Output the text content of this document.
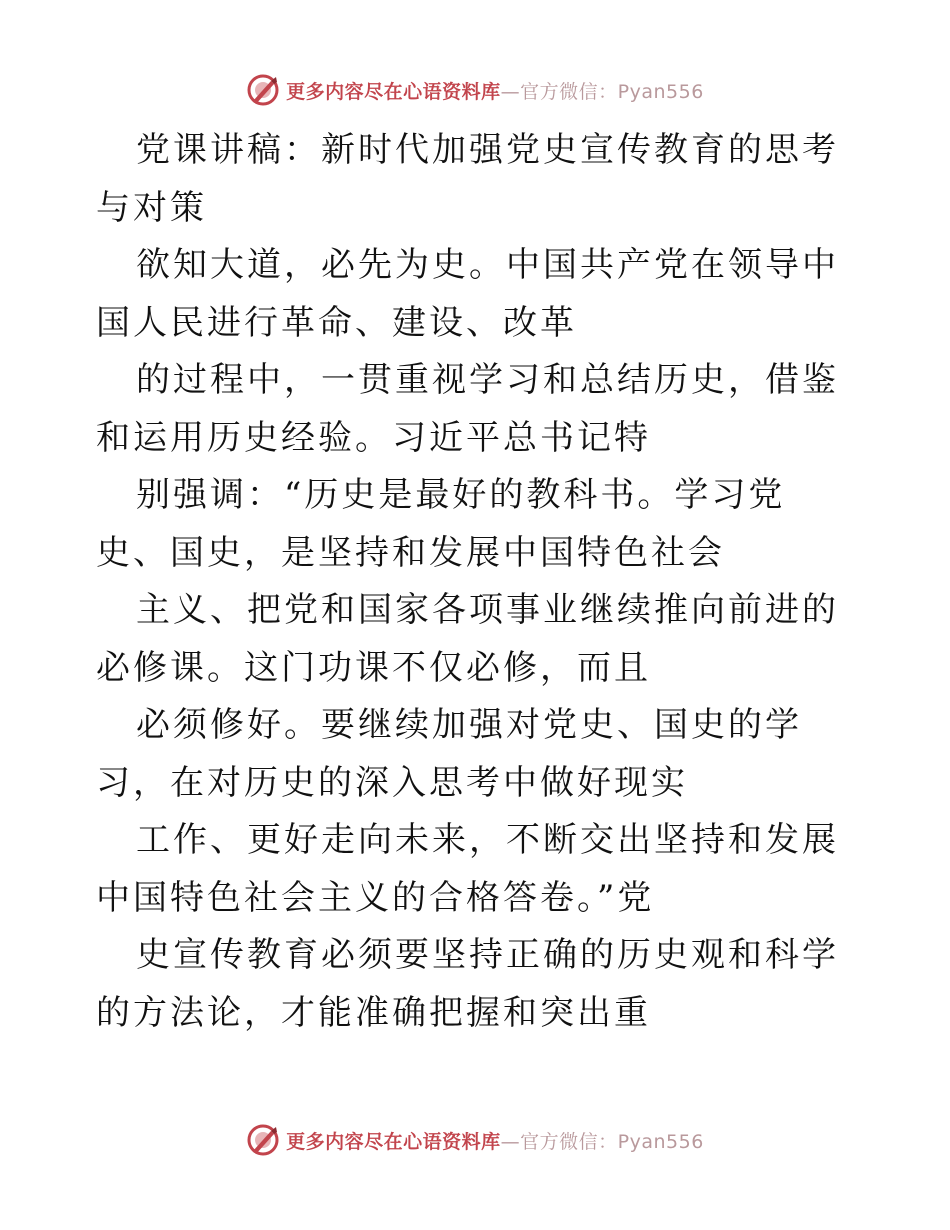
更多内容尽在心语资料库—官方微信：Pyan556

党课讲稿：新时代加强党史宣传教育的思考与对策

欲知大道，必先为史。中国共产党在领导中国人民进行革命、建设、改革

的过程中，一贯重视学习和总结历史，借鉴和运用历史经验。习近平总书记特

别强调：“历史是最好的教科书。学习党史、国史，是坚持和发展中国特色社会

主义、把党和国家各项事业继续推向前进的必修课。这门功课不仅必修，而且

必须修好。要继续加强对党史、国史的学习，在对历史的深入思考中做好现实

工作、更好走向未来，不断交出坚持和发展中国特色社会主义的合格答卷。”党

史宣传教育必须要坚持正确的历史观和科学的方法论，才能准确把握和突出重

更多内容尽在心语资料库—官方微信：Pyan556
